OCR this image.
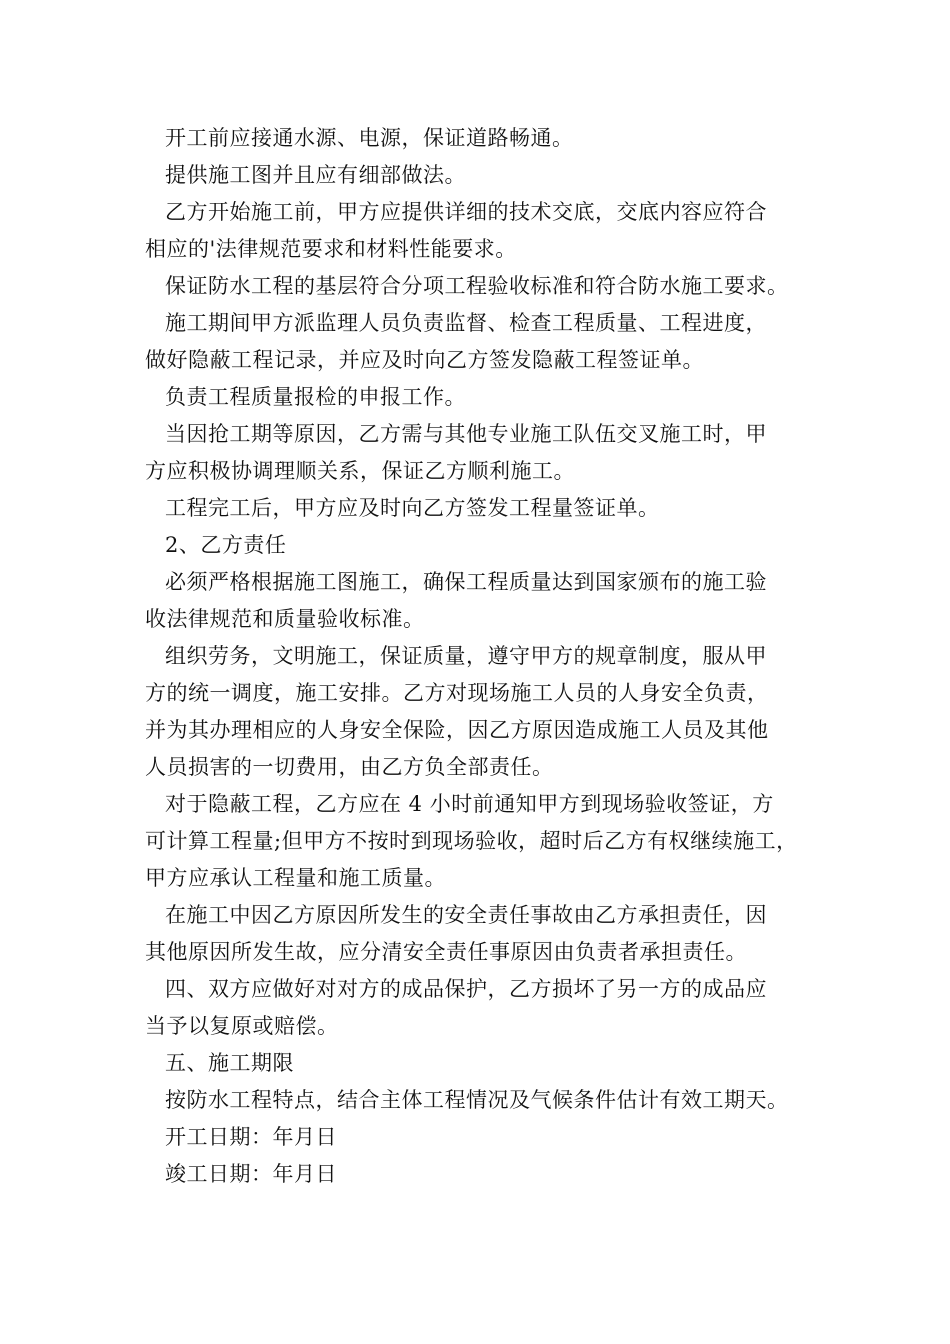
开工前应接通水源、电源，保证道路畅通。

提供施工图并且应有细部做法。

乙方开始施工前，甲方应提供详细的技术交底，交底内容应符合
相应的'法律规范要求和材料性能要求。

保证防水工程的基层符合分项工程验收标准和符合防水施工要求。

施工期间甲方派监理人员负责监督、检查工程质量、工程进度，
做好隐蔽工程记录，并应及时向乙方签发隐蔽工程签证单。

负责工程质量报检的申报工作。

当因抢工期等原因，乙方需与其他专业施工队伍交叉施工时，甲
方应积极协调理顺关系，保证乙方顺利施工。

工程完工后，甲方应及时向乙方签发工程量签证单。

2、乙方责任

必须严格根据施工图施工，确保工程质量达到国家颁布的施工验
收法律规范和质量验收标准。

组织劳务，文明施工，保证质量，遵守甲方的规章制度，服从甲
方的统一调度，施工安排。乙方对现场施工人员的人身安全负责，
并为其办理相应的人身安全保险，因乙方原因造成施工人员及其他
人员损害的一切费用，由乙方负全部责任。

对于隐蔽工程，乙方应在 4 小时前通知甲方到现场验收签证，方
可计算工程量;但甲方不按时到现场验收，超时后乙方有权继续施工，
甲方应承认工程量和施工质量。

在施工中因乙方原因所发生的安全责任事故由乙方承担责任，因
其他原因所发生故，应分清安全责任事原因由负责者承担责任。

四、双方应做好对对方的成品保护，乙方损坏了另一方的成品应
当予以复原或赔偿。

五、施工期限

按防水工程特点，结合主体工程情况及气候条件估计有效工期天。

开工日期：年月日

竣工日期：年月日
